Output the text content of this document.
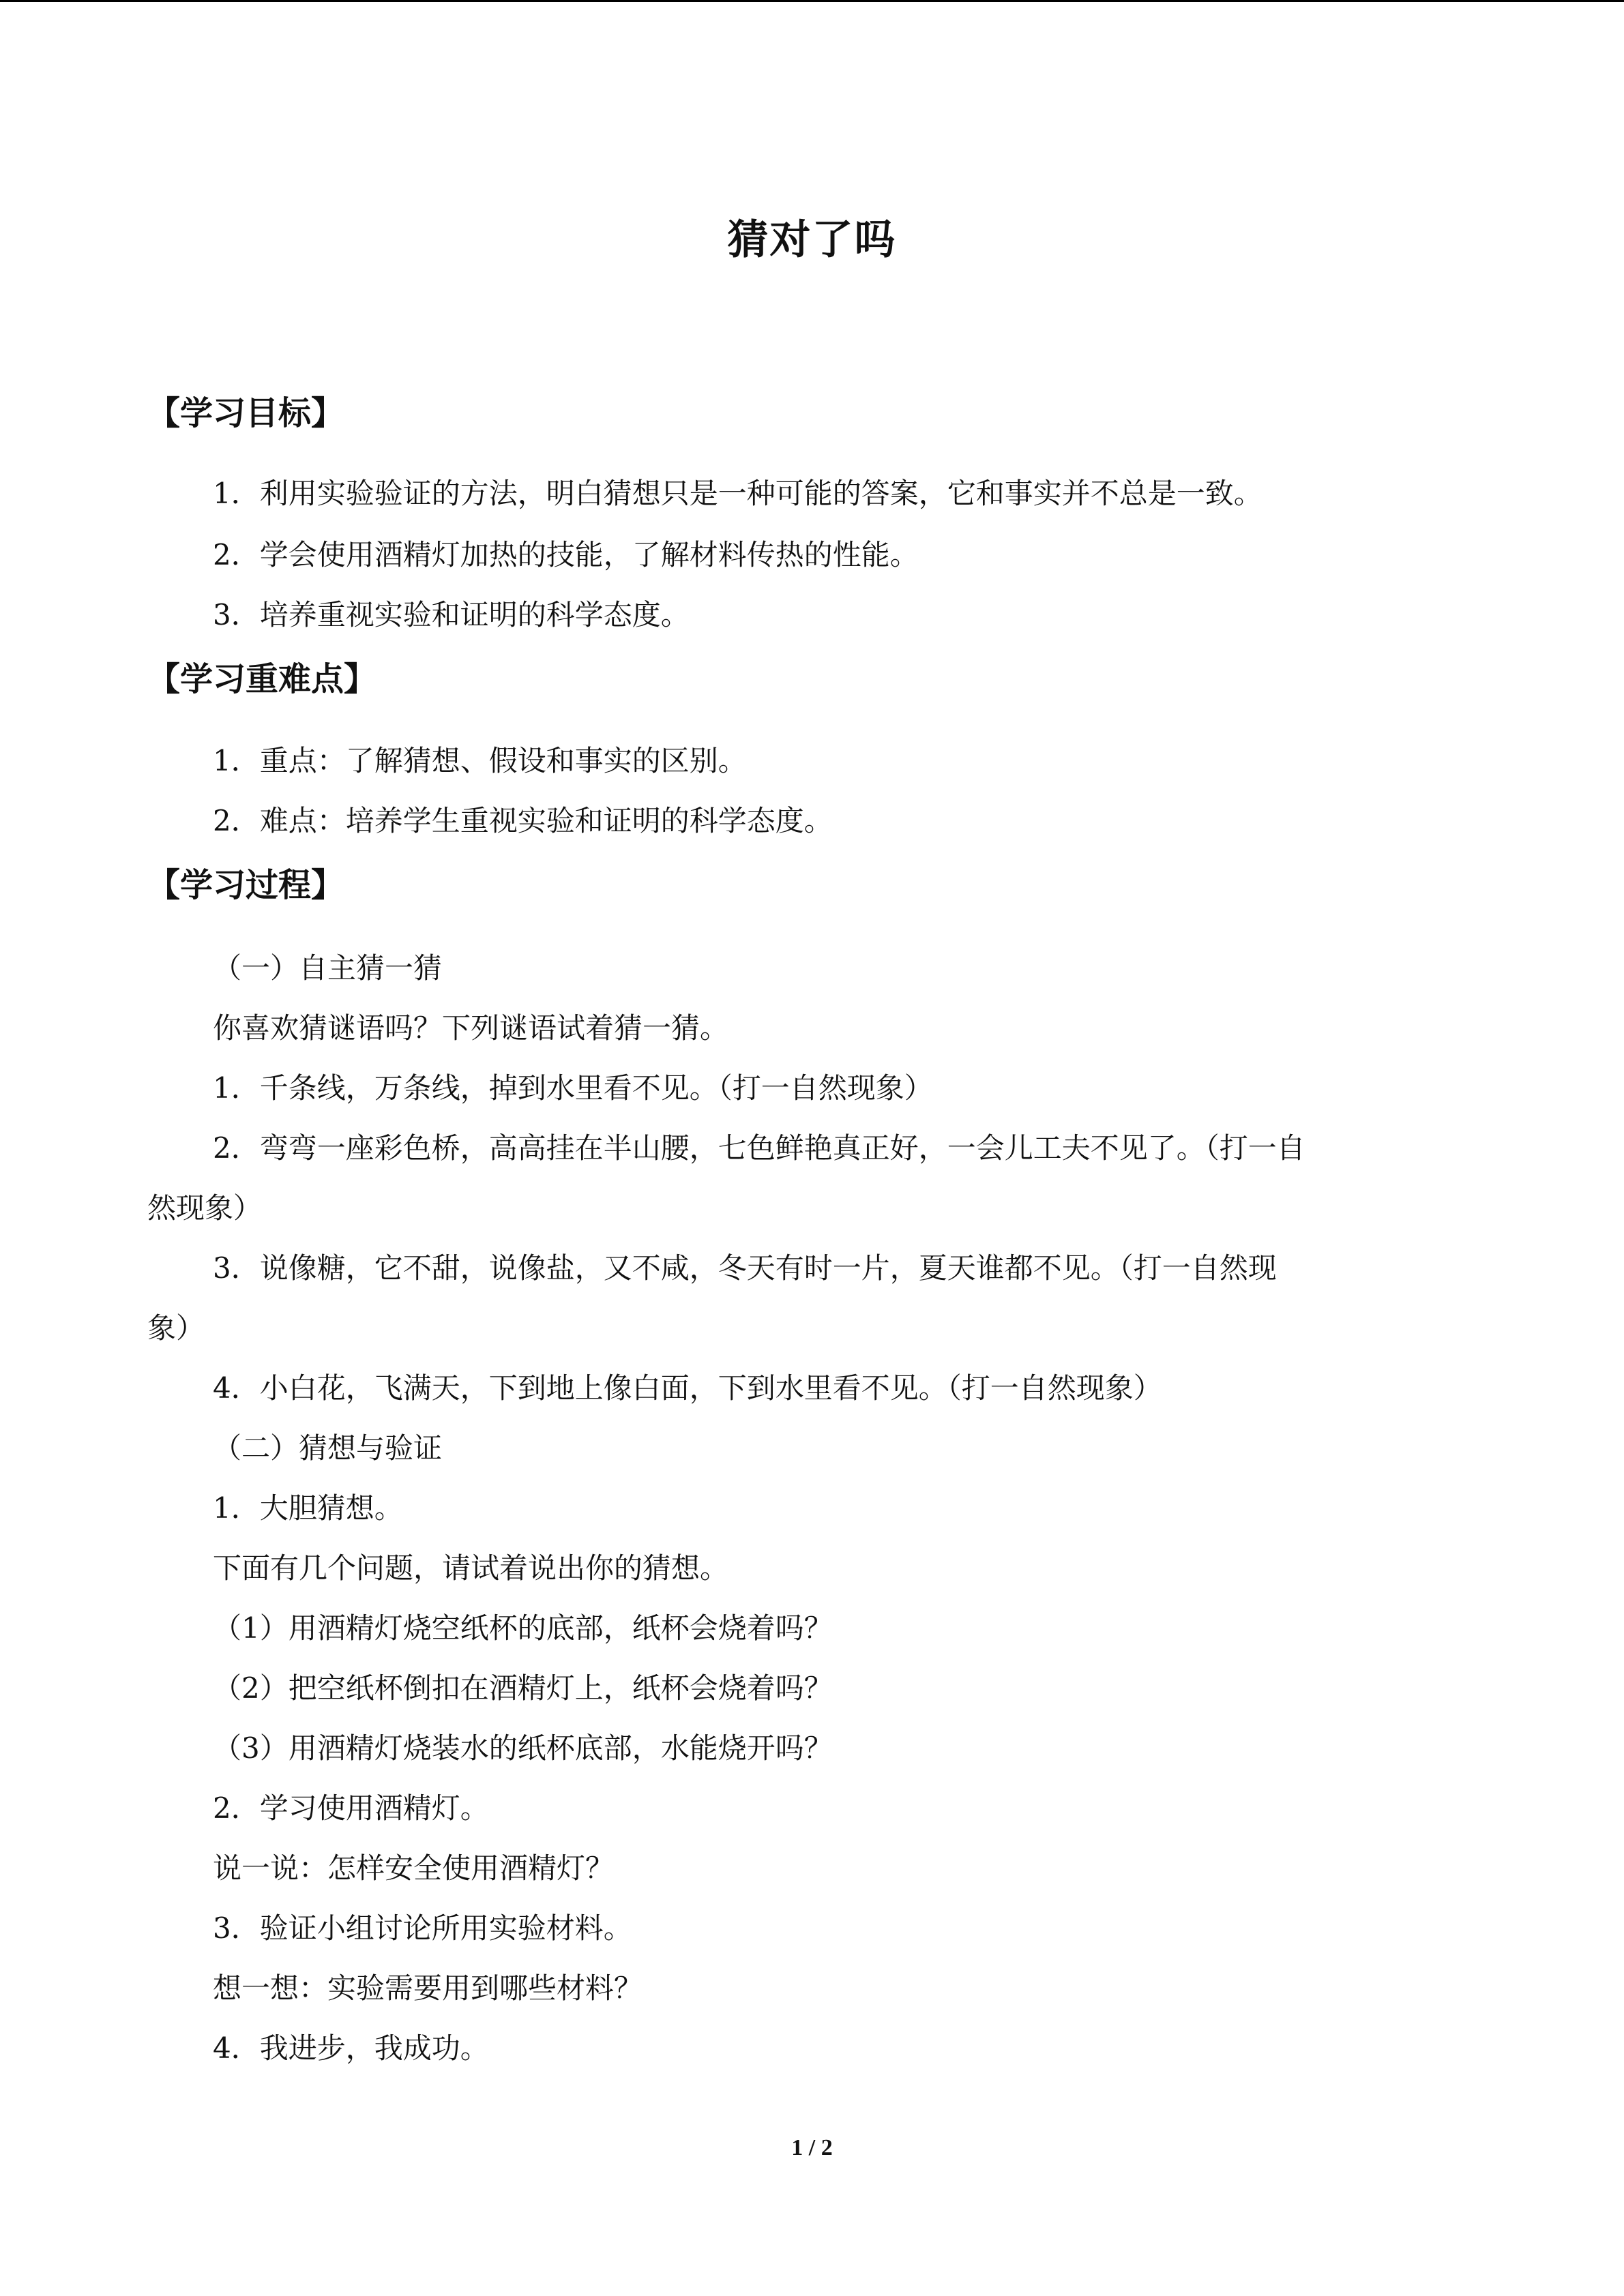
猜对了吗
【学习目标】
1．利用实验验证的方法，明白猜想只是一种可能的答案，它和事实并不总是一致。
2．学会使用酒精灯加热的技能，了解材料传热的性能。
3．培养重视实验和证明的科学态度。
【学习重难点】
1．重点：了解猜想、假设和事实的区别。
2．难点：培养学生重视实验和证明的科学态度。
【学习过程】
（一）自主猜一猜
你喜欢猜谜语吗？下列谜语试着猜一猜。
1．千条线，万条线，掉到水里看不见。（打一自然现象）
2．弯弯一座彩色桥，高高挂在半山腰，七色鲜艳真正好，一会儿工夫不见了。（打一自
然现象）
3．说像糖，它不甜，说像盐，又不咸，冬天有时一片，夏天谁都不见。（打一自然现
象）
4．小白花，飞满天，下到地上像白面，下到水里看不见。（打一自然现象）
（二）猜想与验证
1．大胆猜想。
下面有几个问题，请试着说出你的猜想。
（1）用酒精灯烧空纸杯的底部，纸杯会烧着吗？
（2）把空纸杯倒扣在酒精灯上，纸杯会烧着吗？
（3）用酒精灯烧装水的纸杯底部，水能烧开吗？
2．学习使用酒精灯。
说一说：怎样安全使用酒精灯？
3．验证小组讨论所用实验材料。
想一想：实验需要用到哪些材料？
4．我进步，我成功。
1 / 2
